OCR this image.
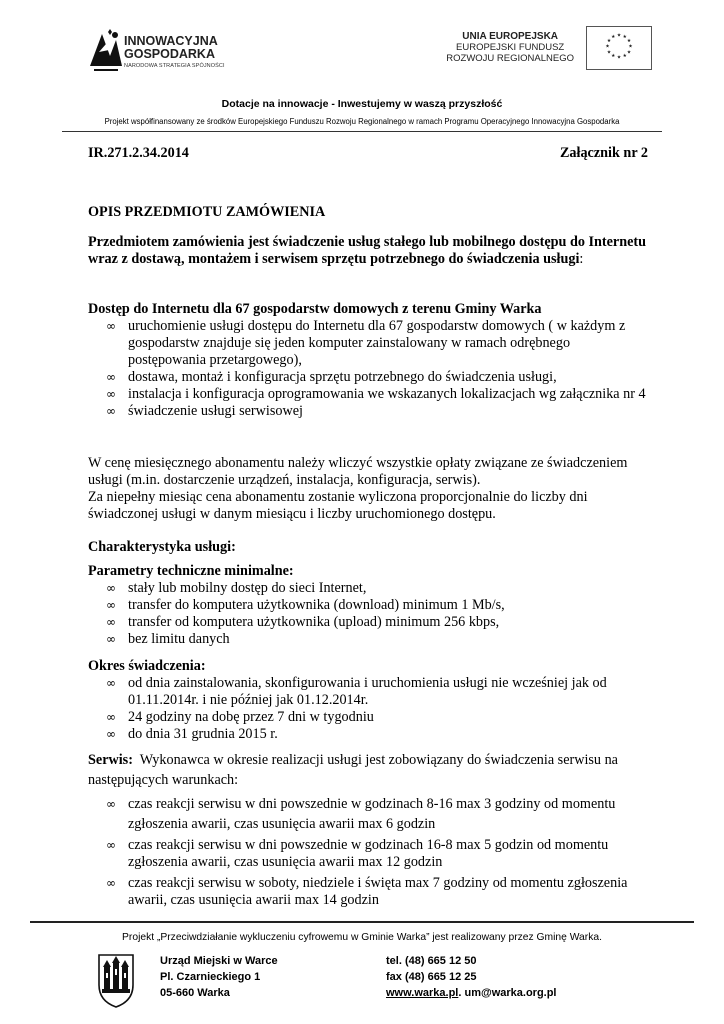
INNOWACYJNA
GOSPODARKA
NARODOWA STRATEGIA SPÓJNOŚCI
UNIA EUROPEJSKA
EUROPEJSKI FUNDUSZ
ROZWOJU REGIONALNEGO
★ ★
★
★
★
★
★
★
★
★
★
★
Dotacje na innowacje - Inwestujemy w waszą przyszłość
Projekt współfinansowany ze środków Europejskiego Funduszu Rozwoju Regionalnego w ramach Programu Operacyjnego Innowacyjna Gospodarka
IR.271.2.34.2014	Załącznik nr 2
OPIS PRZEDMIOTU ZAMÓWIENIA
Przedmiotem zamówienia jest świadczenie usług stałego lub mobilnego dostępu do Internetu wraz z dostawą, montażem i serwisem sprzętu potrzebnego do świadczenia usługi:

Dostęp do Internetu dla 67 gospodarstw domowych z terenu Gminy Warka

∞ uruchomienie usługi dostępu do Internetu dla 67 gospodarstw domowych ( w każdym z gospodarstw znajduje się jeden komputer zainstalowany w ramach odrębnego postępowania przetargowego),

∞ dostawa, montaż i konfiguracja sprzętu potrzebnego do świadczenia usługi,

∞ instalacja i konfiguracja oprogramowania we wskazanych lokalizacjach wg załącznika nr 4

∞ świadczenie usługi serwisowej

W cenę miesięcznego abonamentu należy wliczyć wszystkie opłaty związane ze świadczeniem usługi (m.in. dostarczenie urządzeń, instalacja, konfiguracja, serwis).

Za niepełny miesiąc cena abonamentu zostanie wyliczona proporcjonalnie do liczby dni świadczonej usługi w danym miesiącu i liczby uruchomionego dostępu.

Charakterystyka usługi:

Parametry techniczne minimalne:

∞ stały lub mobilny dostęp do sieci Internet,

∞ transfer do komputera użytkownika (download) minimum 1 Mb/s,

∞ transfer od komputera użytkownika (upload) minimum 256 kbps,

∞ bez limitu danych

Okres świadczenia:

∞ od dnia zainstalowania, skonfigurowania i uruchomienia usługi nie wcześniej jak od 01.11.2014r. i nie później jak 01.12.2014r.

∞ 24 godziny na dobę przez 7 dni w tygodniu

∞ do dnia 31 grudnia 2015 r.

Serwis: Wykonawca w okresie realizacji usługi jest zobowiązany do świadczenia serwisu na następujących warunkach:

∞ czas reakcji serwisu w dni powszednie w godzinach 8-16 max 3 godziny od momentu zgłoszenia awarii, czas usunięcia awarii max 6 godzin

∞ czas reakcji serwisu w dni powszednie w godzinach 16-8 max 5 godzin od momentu zgłoszenia awarii, czas usunięcia awarii max 12 godzin

∞ czas reakcji serwisu w soboty, niedziele i święta max 7 godziny od momentu zgłoszenia awarii, czas usunięcia awarii max 14 godzin

Projekt „Przeciwdziałanie wykluczeniu cyfrowemu w Gminie Warka” jest realizowany przez Gminę Warka.
Urząd Miejski w Warce
Pl. Czarnieckiego 1
05-660 Warka
tel. (48) 665 12 50
fax (48) 665 12 25
www.warka.pl. um@warka.org.pl
